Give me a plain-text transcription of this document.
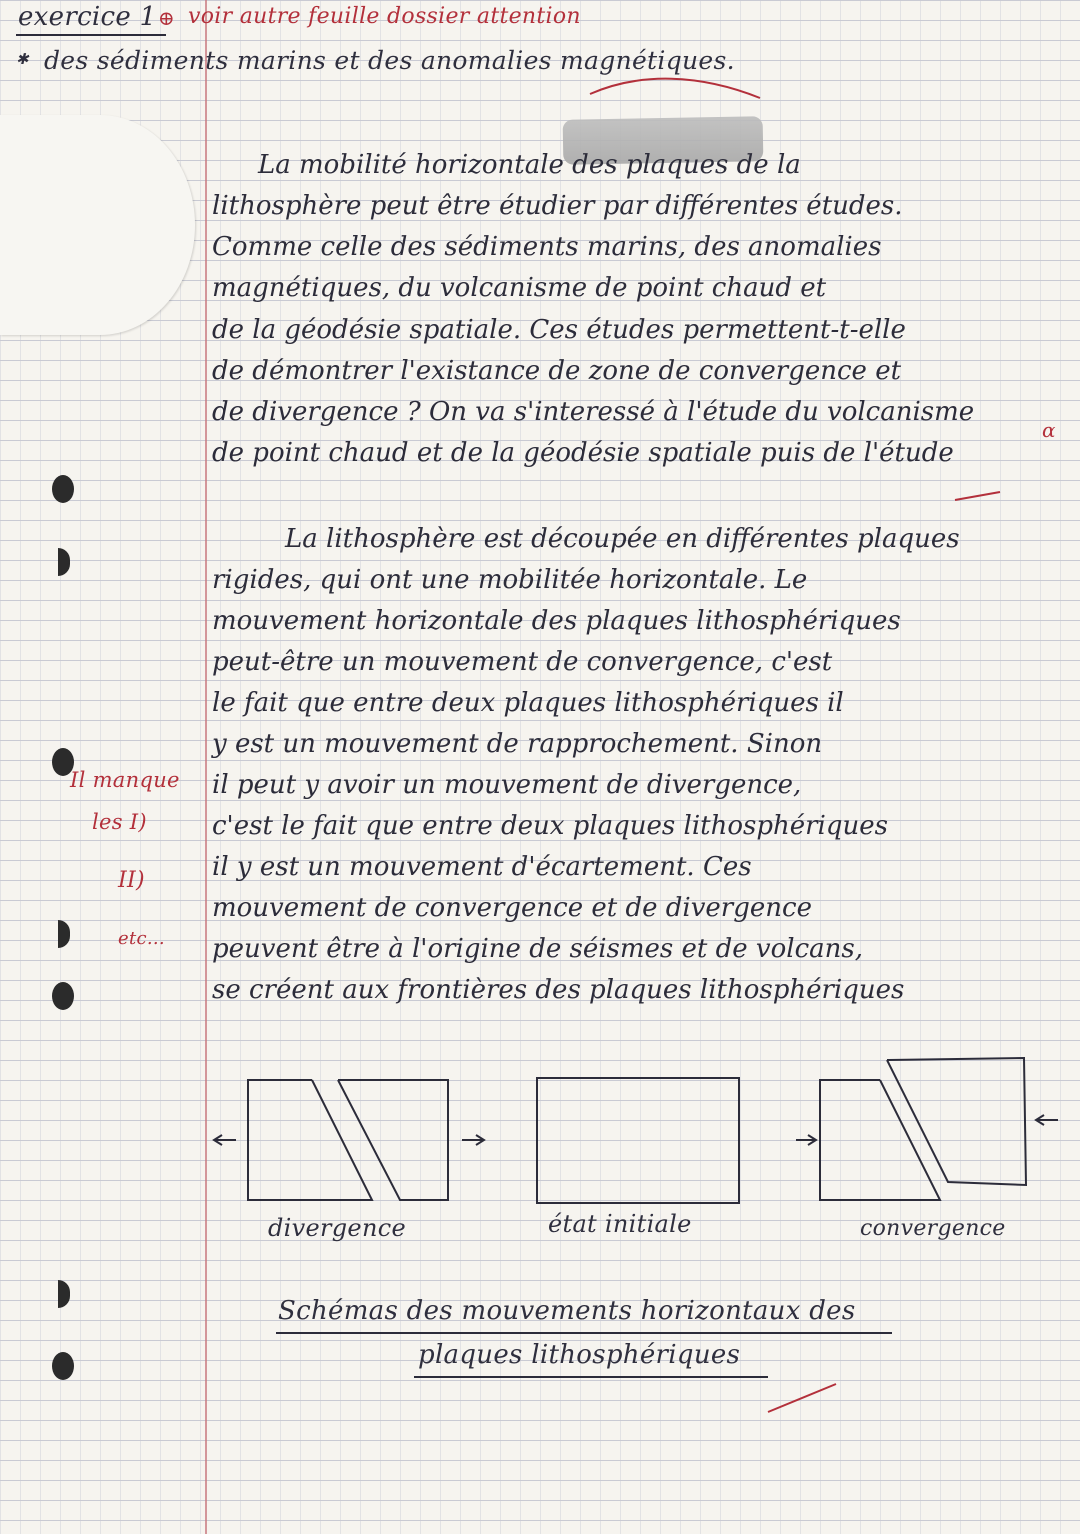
exercice 1 ⊕ voir autre feuille dossier attention
✱ des sédiments marins et des anomalies magnétiques.
La mobilité horizontale des plaques de la
lithosphère peut être étudier par différentes études.
Comme celle des sédiments marins, des anomalies
magnétiques, du volcanisme de point chaud et
de la géodésie spatiale. Ces études permettent-t-elle
de démontrer l'existance de zone de convergence et
de divergence ? On va s'interessé à l'étude du volcanisme
de point chaud et de la géodésie spatiale puis de l'étude
α
La lithosphère est découpée en différentes plaques
rigides, qui ont une mobilitée horizontale. Le
mouvement horizontale des plaques lithosphériques
peut-être un mouvement de convergence, c'est
le fait que entre deux plaques lithosphériques il
y est un mouvement de rapprochement. Sinon
il peut y avoir un mouvement de divergence,
c'est le fait que entre deux plaques lithosphériques
il y est un mouvement d'écartement. Ces
mouvement de convergence et de divergence
peuvent être à l'origine de séismes et de volcans,
se créent aux frontières des plaques lithosphériques
Il manque
les I)
II)
etc...
divergence	état initiale	convergence
Schémas des mouvements horizontaux des
plaques lithosphériques
